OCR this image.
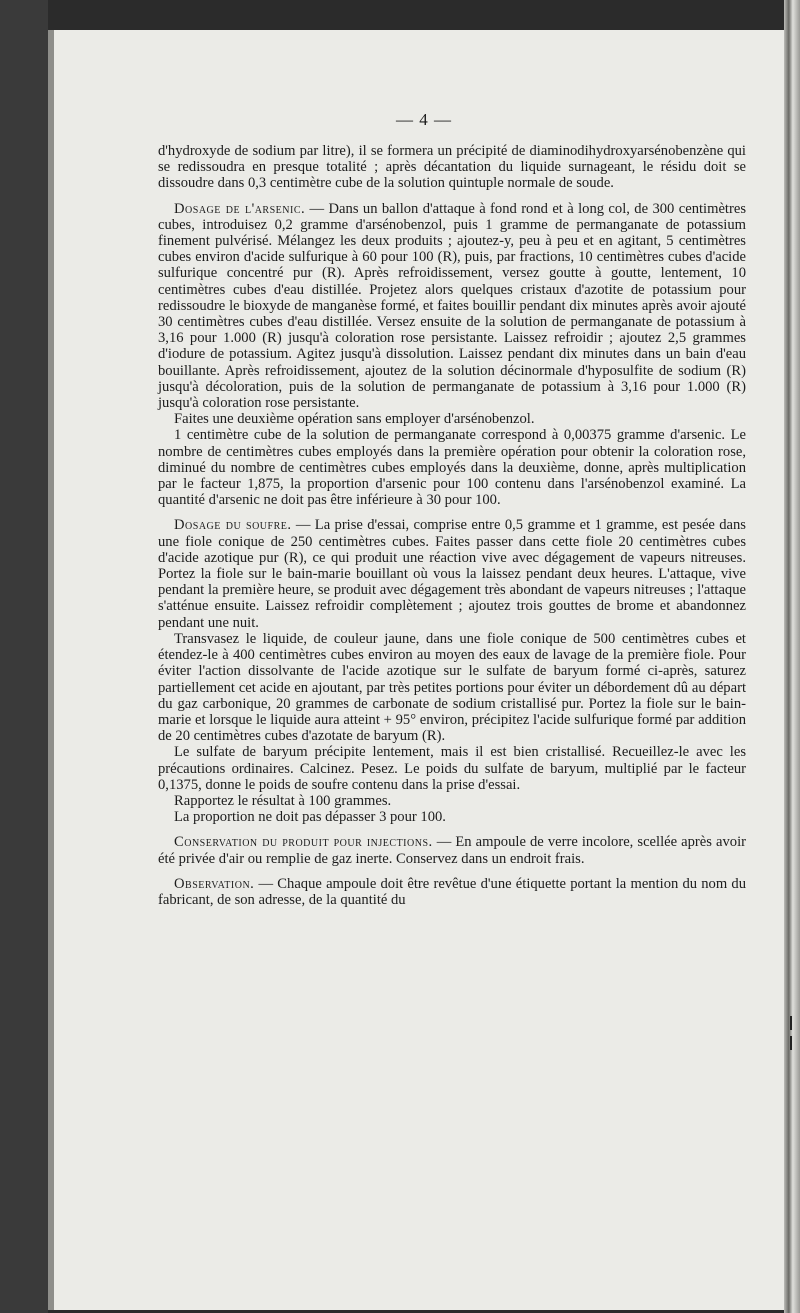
— 4 —

d'hydroxyde de sodium par litre), il se formera un précipité de diaminodihydroxyarsénobenzène qui se redissoudra en presque totalité ; après décantation du liquide surnageant, le résidu doit se dissoudre dans 0,3 centimètre cube de la solution quintuple normale de soude.

Dosage de l'arsenic. — Dans un ballon d'attaque à fond rond et à long col, de 300 centimètres cubes, introduisez 0,2 gramme d'arsénobenzol, puis 1 gramme de permanganate de potassium finement pulvérisé. Mélangez les deux produits ; ajoutez-y, peu à peu et en agitant, 5 centimètres cubes environ d'acide sulfurique à 60 pour 100 (R), puis, par fractions, 10 centimètres cubes d'acide sulfurique concentré pur (R). Après refroidissement, versez goutte à goutte, lentement, 10 centimètres cubes d'eau distillée. Projetez alors quelques cristaux d'azotite de potassium pour redissoudre le bioxyde de manganèse formé, et faites bouillir pendant dix minutes après avoir ajouté 30 centimètres cubes d'eau distillée. Versez ensuite de la solution de permanganate de potassium à 3,16 pour 1.000 (R) jusqu'à coloration rose persistante. Laissez refroidir ; ajoutez 2,5 grammes d'iodure de potassium. Agitez jusqu'à dissolution. Laissez pendant dix minutes dans un bain d'eau bouillante. Après refroidissement, ajoutez de la solution décinormale d'hyposulfite de sodium (R) jusqu'à décoloration, puis de la solution de permanganate de potassium à 3,16 pour 1.000 (R) jusqu'à coloration rose persistante.

Faites une deuxième opération sans employer d'arsénobenzol.

1 centimètre cube de la solution de permanganate correspond à 0,00375 gramme d'arsenic. Le nombre de centimètres cubes employés dans la première opération pour obtenir la coloration rose, diminué du nombre de centimètres cubes employés dans la deuxième, donne, après multiplication par le facteur 1,875, la proportion d'arsenic pour 100 contenu dans l'arsénobenzol examiné. La quantité d'arsenic ne doit pas être inférieure à 30 pour 100.

Dosage du soufre. — La prise d'essai, comprise entre 0,5 gramme et 1 gramme, est pesée dans une fiole conique de 250 centimètres cubes. Faites passer dans cette fiole 20 centimètres cubes d'acide azotique pur (R), ce qui produit une réaction vive avec dégagement de vapeurs nitreuses. Portez la fiole sur le bain-marie bouillant où vous la laissez pendant deux heures. L'attaque, vive pendant la première heure, se produit avec dégagement très abondant de vapeurs nitreuses ; l'attaque s'atténue ensuite. Laissez refroidir complètement ; ajoutez trois gouttes de brome et abandonnez pendant une nuit.

Transvasez le liquide, de couleur jaune, dans une fiole conique de 500 centimètres cubes et étendez-le à 400 centimètres cubes environ au moyen des eaux de lavage de la première fiole. Pour éviter l'action dissolvante de l'acide azotique sur le sulfate de baryum formé ci-après, saturez partiellement cet acide en ajoutant, par très petites portions pour éviter un débordement dû au départ du gaz carbonique, 20 grammes de carbonate de sodium cristallisé pur. Portez la fiole sur le bain-marie et lorsque le liquide aura atteint + 95° environ, précipitez l'acide sulfurique formé par addition de 20 centimètres cubes d'azotate de baryum (R).

Le sulfate de baryum précipite lentement, mais il est bien cristallisé. Recueillez-le avec les précautions ordinaires. Calcinez. Pesez. Le poids du sulfate de baryum, multiplié par le facteur 0,1375, donne le poids de soufre contenu dans la prise d'essai.

Rapportez le résultat à 100 grammes.

La proportion ne doit pas dépasser 3 pour 100.

Conservation du produit pour injections. — En ampoule de verre incolore, scellée après avoir été privée d'air ou remplie de gaz inerte. Conservez dans un endroit frais.

Observation. — Chaque ampoule doit être revêtue d'une étiquette portant la mention du nom du fabricant, de son adresse, de la quantité du
